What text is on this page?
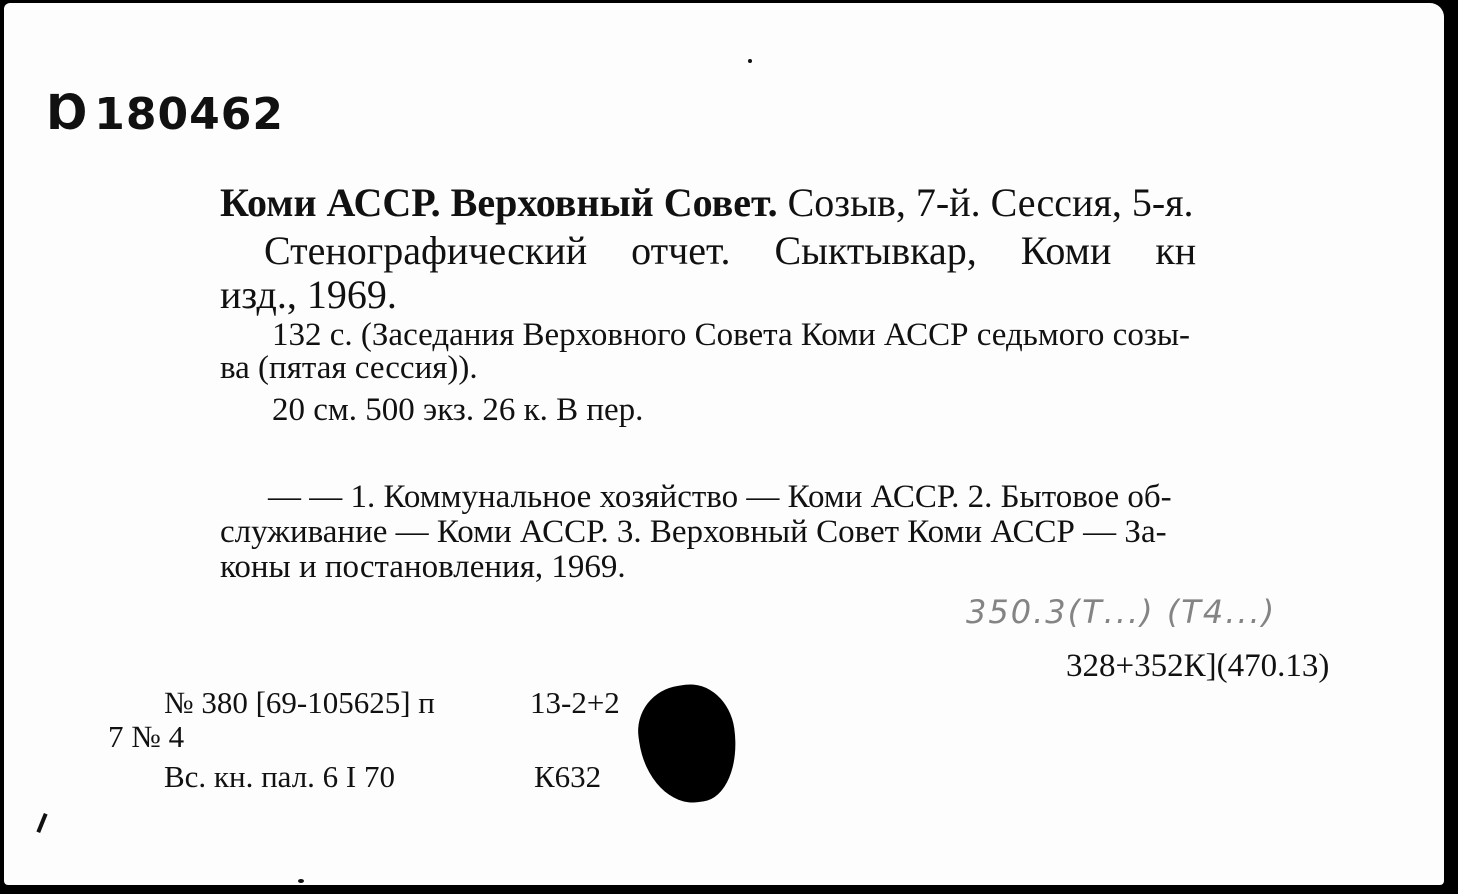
Ɒ180462
Коми АССР. Верховный Совет. Созыв, 7-й. Сессия, 5-я.
Стенографический отчет. Сыктывкар, Коми кн
изд., 1969.
132 с. (Заседания Верховного Совета Коми АССР седьмого созы-
ва (пятая сессия)).
20 см. 500 экз. 26 к. В пер.
— — 1. Коммунальное хозяйство — Коми АССР. 2. Бытовое об-
служивание — Коми АССР. 3. Верховный Совет Коми АССР — За-
коны и постановления, 1969.
350.3(Т...) (Т4...)
328+352К](470.13)
№ 380 [69-105625] п	13-2+2
7 № 4
Вс. кн. пал. 6 I 70	К632
